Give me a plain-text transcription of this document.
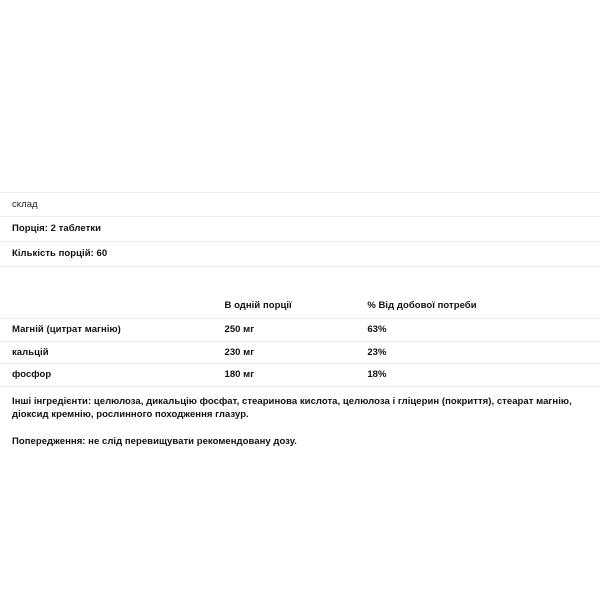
склад		
Порція: 2 таблетки		
Кількість порцій: 60		
	В одній порції	% Від добової потреби
Магній (цитрат магнію)	250 мг	63%
кальцій	230 мг	23%
фосфор	180 мг	18%

Інші інгредієнти: целюлоза, дикальцію фосфат, стеаринова кислота, целюлоза і гліцерин (покриття), стеарат магнію, діоксид кремнію, рослинного походження глазур.

Попередження: не слід перевищувати рекомендовану дозу.
